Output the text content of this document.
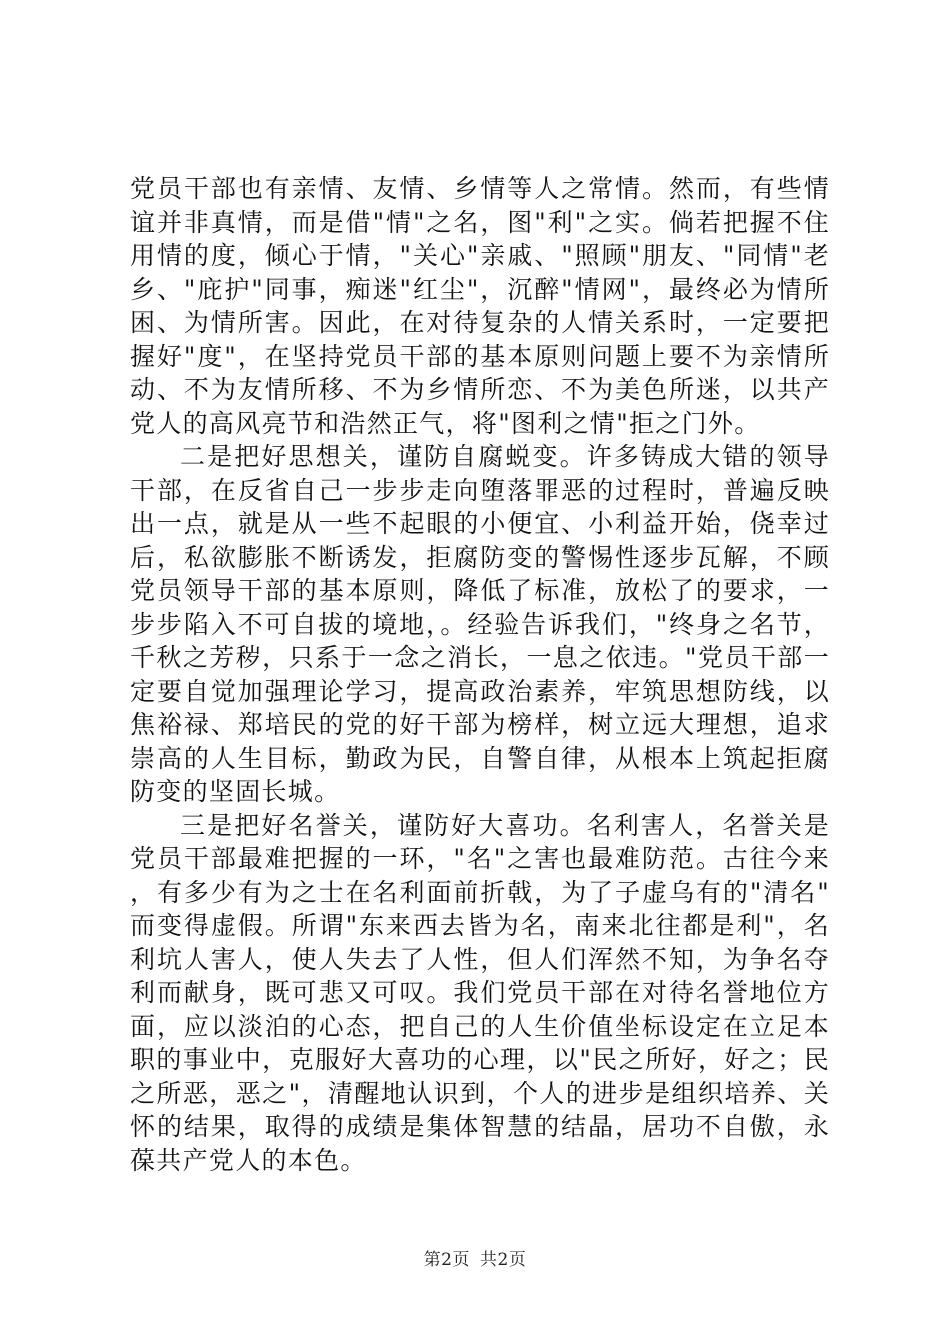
党员干部也有亲情、友情、乡情等人之常情。然而，有些情谊并非真情，而是借"情"之名，图"利"之实。倘若把握不住用情的度，倾心于情，"关心"亲戚、"照顾"朋友、"同情"老乡、"庇护"同事，痴迷"红尘"，沉醉"情网"，最终必为情所困、为情所害。因此，在对待复杂的人情关系时，一定要把握好"度"，在坚持党员干部的基本原则问题上要不为亲情所动、不为友情所移、不为乡情所恋、不为美色所迷，以共产党人的高风亮节和浩然正气，将"图利之情"拒之门外。

二是把好思想关，谨防自腐蜕变。许多铸成大错的领导干部，在反省自己一步步走向堕落罪恶的过程时，普遍反映出一点，就是从一些不起眼的小便宜、小利益开始，侥幸过后，私欲膨胀不断诱发，拒腐防变的警惕性逐步瓦解，不顾党员领导干部的基本原则，降低了标准，放松了的要求，一步步陷入不可自拔的境地，。经验告诉我们，"终身之名节，千秋之芳秽，只系于一念之消长，一息之依违。"党员干部一定要自觉加强理论学习，提高政治素养，牢筑思想防线，以焦裕禄、郑培民的党的好干部为榜样，树立远大理想，追求崇高的人生目标，勤政为民，自警自律，从根本上筑起拒腐防变的坚固长城。

三是把好名誉关，谨防好大喜功。名利害人，名誉关是党员干部最难把握的一环，"名"之害也最难防范。古往今来，有多少有为之士在名利面前折戟，为了子虚乌有的"清名"而变得虚假。所谓"东来西去皆为名，南来北往都是利"，名利坑人害人，使人失去了人性，但人们浑然不知，为争名夺利而献身，既可悲又可叹。我们党员干部在对待名誉地位方面，应以淡泊的心态，把自己的人生价值坐标设定在立足本职的事业中，克服好大喜功的心理，以"民之所好，好之；民之所恶，恶之"，清醒地认识到，个人的进步是组织培养、关怀的结果，取得的成绩是集体智慧的结晶，居功不自傲，永葆共产党人的本色。

第2页 共2页
